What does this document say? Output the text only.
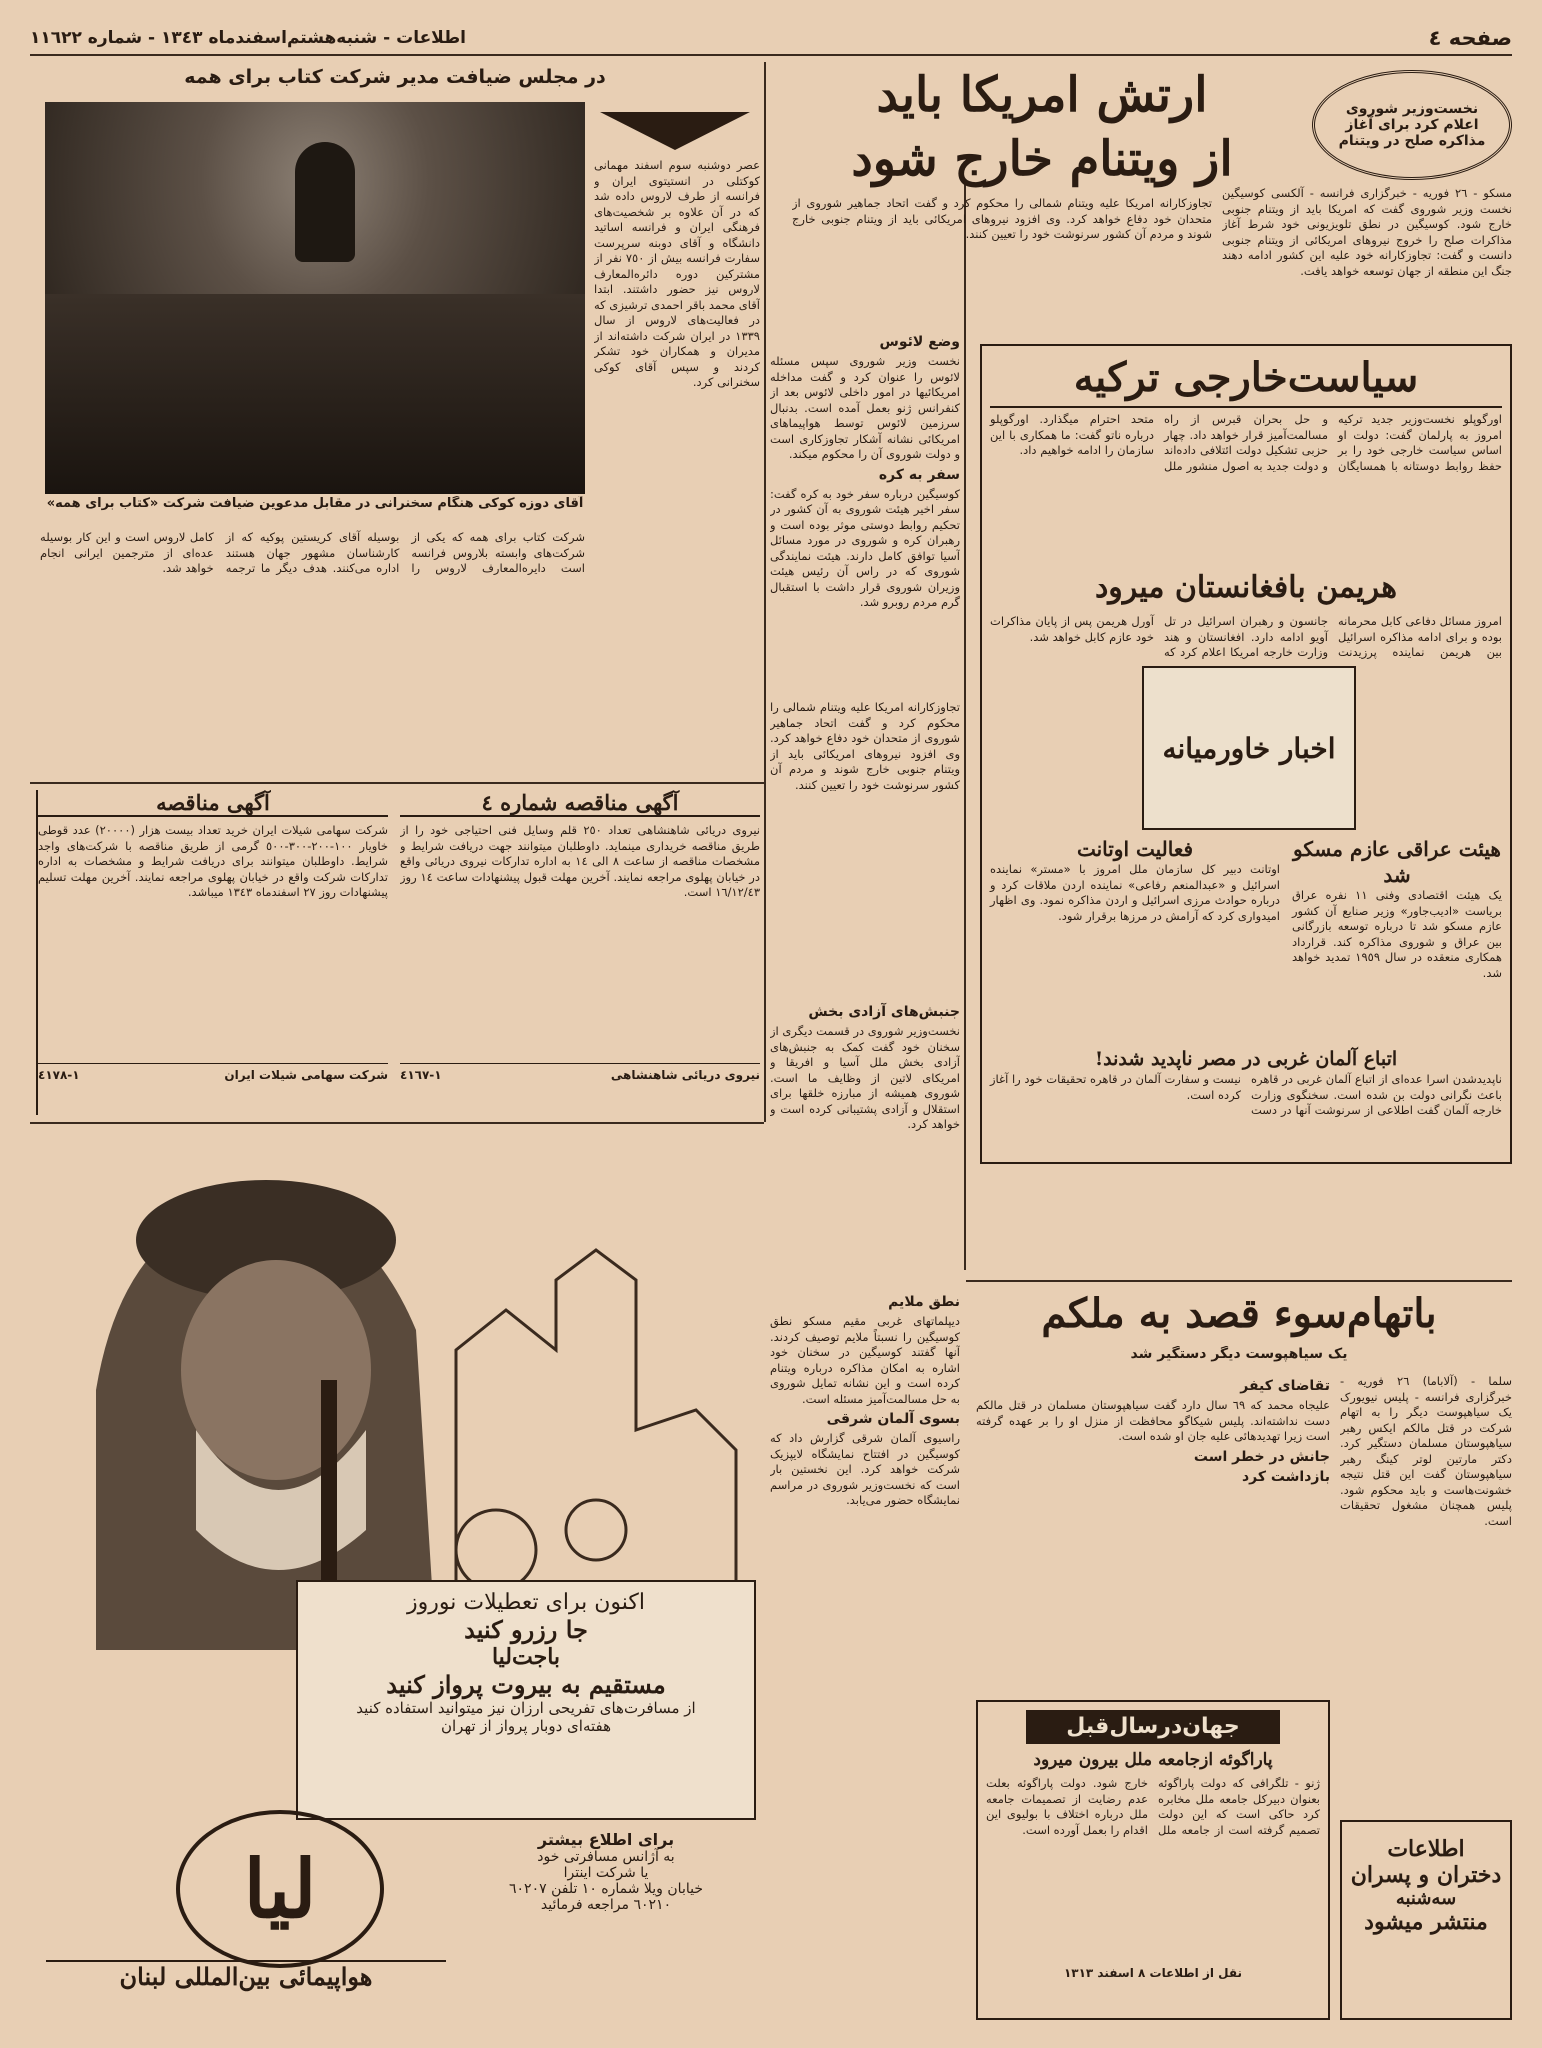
صفحه ٤
اطلاعات - شنبه‌هشتم‌اسفندماه ١٣٤٣ - شماره ١١٦٢٢
نخست‌وزیر شوروی اعلام کرد برای آغاز مذاکره صلح در ویتنام
ارتش امریکا باید
از ویتنام خارج شود
مسکو - ٢٦ فوریه - خبرگزاری فرانسه - آلکسی کوسیگین نخست وزیر شوروی گفت که امریکا باید از ویتنام جنوبی خارج شود. کوسیگین در نطق تلویزیونی خود شرط آغاز مذاکرات صلح را خروج نیروهای امریکائی از ویتنام جنوبی دانست و گفت: تجاوزکارانه خود علیه این کشور ادامه دهند جنگ این منطقه از جهان توسعه خواهد یافت.
تجاوزکارانه امریکا علیه ویتنام شمالی را محکوم کرد و گفت اتحاد جماهیر شوروی از متحدان خود دفاع خواهد کرد. وی افزود نیروهای امریکائی باید از ویتنام جنوبی خارج شوند و مردم آن کشور سرنوشت خود را تعیین کنند.
در مجلس ضیافت مدیر شرکت کتاب برای همه
آقای دوزه کوکی هنگام سخنرانی در مقابل مدعوین ضیافت شرکت «کتاب برای همه»
عصر دوشنبه سوم اسفند مهمانی کوکتلی در انستیتوی ایران و فرانسه از طرف لاروس داده شد که در آن علاوه بر شخصیت‌های فرهنگی ایران و فرانسه اساتید دانشگاه و آقای دوبنه سرپرست سفارت فرانسه بیش از ٧٥٠ نفر از مشترکین دوره دائره‌المعارف لاروس نیز حضور داشتند. ابتدا آقای محمد باقر احمدی ترشیزی که در فعالیت‌های لاروس از سال ١٣٣٩ در ایران شرکت داشته‌اند از مدیران و همکاران خود تشکر کردند و سپس آقای کوکی سخنرانی کرد.
شرکت کتاب برای همه که یکی از شرکت‌های وابسته بلاروس فرانسه است دایره‌المعارف لاروس را بوسیله آقای کریستین پوکیه که از کارشناسان مشهور جهان هستند اداره می‌کنند. هدف دیگر ما ترجمه کامل لاروس است و این کار بوسیله عده‌ای از مترجمین ایرانی انجام خواهد شد.
وضع لائوس
نخست وزیر شوروی سپس مسئله لائوس را عنوان کرد و گفت مداخله امریکائیها در امور داخلی لائوس بعد از کنفرانس ژنو بعمل آمده است. بدنبال سرزمین لائوس توسط هواپیماهای امریکائی نشانه آشکار تجاوزکاری است و دولت شوروی آن را محکوم میکند.
سفر به کره
کوسیگین درباره سفر خود به کره گفت: سفر اخیر هیئت شوروی به آن کشور در تحکیم روابط دوستی موثر بوده است و رهبران کره و شوروی در مورد مسائل آسیا توافق کامل دارند. هیئت نمایندگی شوروی که در راس آن رئیس هیئت وزیران شوروی قرار داشت با استقبال گرم مردم روبرو شد.
تجاوزکارانه امریکا علیه ویتنام شمالی را محکوم کرد و گفت اتحاد جماهیر شوروی از متحدان خود دفاع خواهد کرد. وی افزود نیروهای امریکائی باید از ویتنام جنوبی خارج شوند و مردم آن کشور سرنوشت خود را تعیین کنند.
جنبش‌های آزادی بخش
نخست‌وزیر شوروی در قسمت دیگری از سخنان خود گفت کمک به جنبش‌های آزادی بخش ملل آسیا و افریقا و امریکای لاتین از وظایف ما است. شوروی همیشه از مبارزه خلقها برای استقلال و آزادی پشتیبانی کرده است و خواهد کرد.
نطق ملایم
دیپلماتهای غربی مقیم مسکو نطق کوسیگین را نسبتاً ملایم توصیف کردند. آنها گفتند کوسیگین در سخنان خود اشاره به امکان مذاکره درباره ویتنام کرده است و این نشانه تمایل شوروی به حل مسالمت‌آمیز مسئله است.
بسوی آلمان شرقی
راسیوی آلمان شرقی گزارش داد که کوسیگین در افتتاح نمایشگاه لایپزیک شرکت خواهد کرد. این نخستین بار است که نخست‌وزیر شوروی در مراسم نمایشگاه حضور می‌یابد.
سیاست‌خارجی ترکیه
اورگوپلو نخست‌وزیر جدید ترکیه امروز به پارلمان گفت: دولت او اساس سیاست خارجی خود را بر حفظ روابط دوستانه با همسایگان و حل بحران قبرس از راه مسالمت‌آمیز قرار خواهد داد. چهار حزبی تشکیل دولت ائتلافی داده‌اند و دولت جدید به اصول منشور ملل متحد احترام میگذارد. اورگوپلو درباره ناتو گفت: ما همکاری با این سازمان را ادامه خواهیم داد.
هریمن بافغانستان میرود
امروز مسائل دفاعی کابل محرمانه بوده و برای ادامه مذاکره اسرائیل بین هریمن نماینده پرزیدنت جانسون و رهبران اسرائیل در تل آویو ادامه دارد. افغانستان و هند وزارت خارجه امریکا اعلام کرد که آورل هریمن پس از پایان مذاکرات خود عازم کابل خواهد شد.
اخبار خاورمیانه
هیئت عراقی عازم مسکو شد
یک هیئت اقتصادی وفنی ١١ نفره عراق بریاست «ادیب‌جاور» وزیر صنایع آن کشور عازم مسکو شد تا درباره توسعه بازرگانی بین عراق و شوروی مذاکره کند. قرارداد همکاری منعقده در سال ١٩٥٩ تمدید خواهد شد.
فعالیت اوتانت
اوتانت دبیر کل سازمان ملل امروز با «مستر» نماینده اسرائیل و «عبدالمنعم رفاعی» نماینده اردن ملاقات کرد و درباره حوادث مرزی اسرائیل و اردن مذاکره نمود. وی اظهار امیدواری کرد که آرامش در مرزها برقرار شود.
اتباع آلمان غربی در مصر ناپدید شدند!
ناپدیدشدن اسرا عده‌ای از اتباع آلمان غربی در قاهره باعث نگرانی دولت بن شده است. سخنگوی وزارت خارجه آلمان گفت اطلاعی از سرنوشت آنها در دست نیست و سفارت آلمان در قاهره تحقیقات خود را آغاز کرده است.
آگهی مناقصه شماره ٤
نیروی دریائی شاهنشاهی تعداد ٢٥٠ قلم وسایل فنی احتیاجی خود را از طریق مناقصه خریداری مینماید. داوطلبان میتوانند جهت دریافت شرایط و مشخصات مناقصه از ساعت ٨ الی ١٤ به اداره تدارکات نیروی دریائی واقع در خیابان پهلوی مراجعه نمایند. آخرین مهلت قبول پیشنهادات ساعت ١٤ روز ١٦/١٢/٤٣ است.
نیروی دریائی شاهنشاهی
١-٤١٦٧
آگهی مناقصه
شرکت سهامی شیلات ایران خرید تعداد بیست هزار (٢٠٠٠٠) عدد قوطی خاویار ١٠٠-٢٠٠-٣٠٠-٥٠٠ گرمی از طریق مناقصه با شرکت‌های واجد شرایط. داوطلبان میتوانند برای دریافت شرایط و مشخصات به اداره تدارکات شرکت واقع در خیابان پهلوی مراجعه نمایند. آخرین مهلت تسلیم پیشنهادات روز ٢٧ اسفندماه ١٣٤٣ میباشد.
شرکت سهامی شیلات ایران
١-٤١٧٨
اکنون برای تعطیلات نوروز
جا رزرو کنید
باجت‌لیا
مستقیم به بیروت پرواز کنید
از مسافرت‌های تفریحی ارزان نیز میتوانید استفاده کنید
هفته‌ای دوبار پرواز از تهران
لیا
هواپیمائی بین‌المللی لبنان
برای اطلاع بیشتر
به آژانس مسافرتی خود
یا شرکت اینترا
خیابان ویلا شماره ١٠ تلفن ٦٠٢٠٧
٦٠٢١٠ مراجعه فرمائید
باتهام‌سوء قصد به ملکم
یک سیاهپوست دیگر دستگیر شد
سلما - (آلاباما) ٢٦ فوریه - خبرگزاری فرانسه - پلیس نیویورک یک سیاهپوست دیگر را به اتهام شرکت در قتل مالکم ایکس رهبر سیاهپوستان مسلمان دستگیر کرد. دکتر مارتین لوتر کینگ رهبر سیاهپوستان گفت این قتل نتیجه خشونت‌هاست و باید محکوم شود. پلیس همچنان مشغول تحقیقات است.
تقاضای کیفر
علیجاه محمد که ٦٩ سال دارد گفت سیاهپوستان مسلمان در قتل مالکم دست نداشته‌اند. پلیس شیکاگو محافظت از منزل او را بر عهده گرفته است زیرا تهدیدهائی علیه جان او شده است.
جانش در خطر است
بازداشت کرد
اطلاعات
دختران و پسران
سه‌شنبه
منتشر میشود
جهان‌در‌سال‌قبل
پاراگوئه ازجامعه ملل بیرون میرود
ژنو - تلگرافی که دولت پاراگوئه بعنوان دبیرکل جامعه ملل مخابره کرد حاکی است که این دولت تصمیم گرفته است از جامعه ملل خارج شود. دولت پاراگوئه بعلت عدم رضایت از تصمیمات جامعه ملل درباره اختلاف با بولیوی این اقدام را بعمل آورده است.
نقل از اطلاعات ٨ اسفند ١٣١٣
